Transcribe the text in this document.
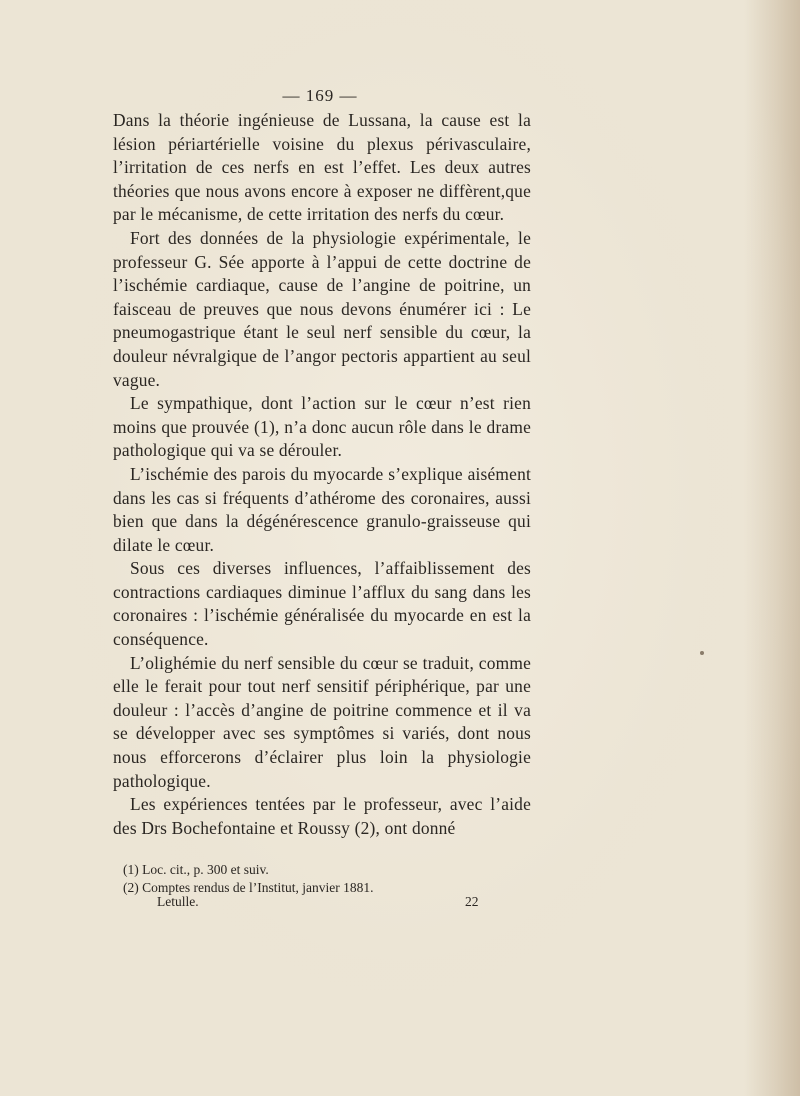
— 169 —

Dans la théorie ingénieuse de Lussana, la cause est la lésion périartérielle voisine du plexus périvasculaire, l’irritation de ces nerfs en est l’effet. Les deux autres théories que nous avons encore à exposer ne diffèrent,que par le mécanisme, de cette irritation des nerfs du cœur.

Fort des données de la physiologie expérimentale, le professeur G. Sée apporte à l’appui de cette doctrine de l’ischémie cardiaque, cause de l’angine de poitrine, un faisceau de preuves que nous devons énumérer ici : Le pneumogastrique étant le seul nerf sensible du cœur, la douleur névralgique de l’angor pectoris appartient au seul vague.

Le sympathique, dont l’action sur le cœur n’est rien moins que prouvée (1), n’a donc aucun rôle dans le drame pathologique qui va se dérouler.

L’ischémie des parois du myocarde s’explique aisément dans les cas si fréquents d’athérome des coronaires, aussi bien que dans la dégénérescence granulo-graisseuse qui dilate le cœur.

Sous ces diverses influences, l’affaiblissement des contractions cardiaques diminue l’afflux du sang dans les coronaires : l’ischémie généralisée du myocarde en est la conséquence.

L’olighémie du nerf sensible du cœur se traduit, comme elle le ferait pour tout nerf sensitif périphérique, par une douleur : l’accès d’angine de poitrine commence et il va se développer avec ses symptômes si variés, dont nous nous efforcerons d’éclairer plus loin la physiologie pathologique.

Les expériences tentées par le professeur, avec l’aide des Drs Bochefontaine et Roussy (2), ont donné

(1) Loc. cit., p. 300 et suiv.
(2) Comptes rendus de l’Institut, janvier 1881.
Letulle.	22
